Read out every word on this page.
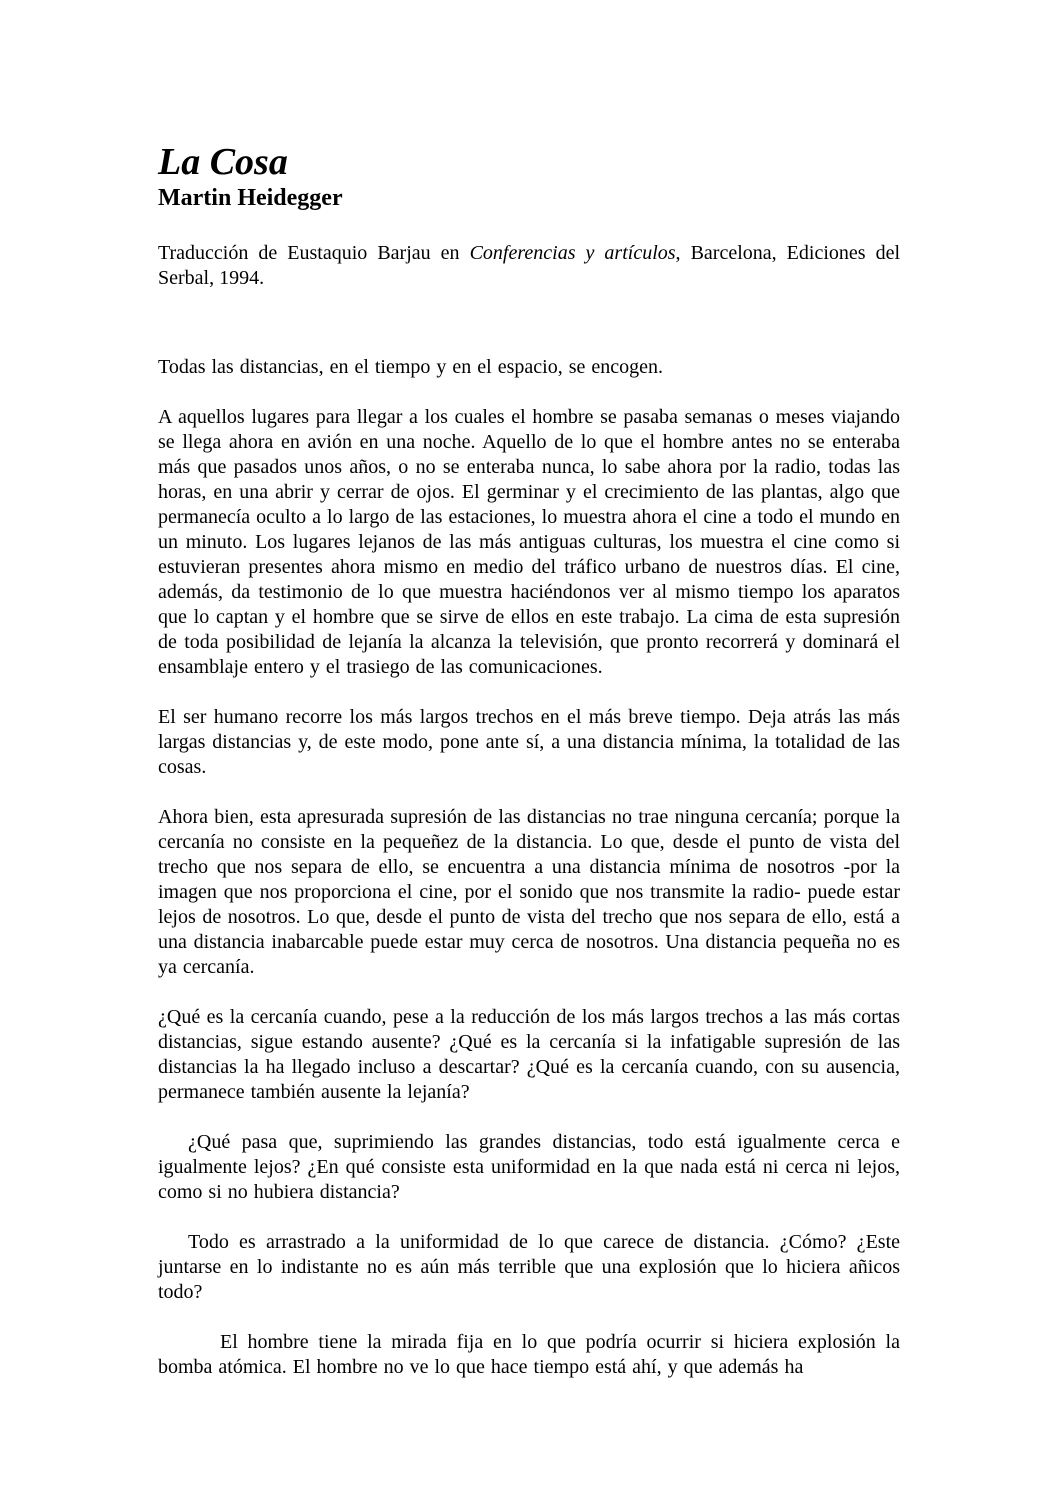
La Cosa
Martin Heidegger

Traducción de Eustaquio Barjau en Conferencias y artículos, Barcelona, Ediciones del Serbal, 1994.

Todas las distancias, en el tiempo y en el espacio, se encogen.

A aquellos lugares para llegar a los cuales el hombre se pasaba semanas o meses viajando se llega ahora en avión en una noche. Aquello de lo que el hombre antes no se enteraba más que pasados unos años, o no se enteraba nunca, lo sabe ahora por la radio, todas las horas, en una abrir y cerrar de ojos. El germinar y el crecimiento de las plantas, algo que permanecía oculto a lo largo de las estaciones, lo muestra ahora el cine a todo el mundo en un minuto. Los lugares lejanos de las más antiguas culturas, los muestra el cine como si estuvieran presentes ahora mismo en medio del tráfico urbano de nuestros días. El cine, además, da testimonio de lo que muestra haciéndonos ver al mismo tiempo los aparatos que lo captan y el hombre que se sirve de ellos en este trabajo. La cima de esta supresión de toda posibilidad de lejanía la alcanza la televisión, que pronto recorrerá y dominará el ensamblaje entero y el trasiego de las comunicaciones.

El ser humano recorre los más largos trechos en el más breve tiempo. Deja atrás las más largas distancias y, de este modo, pone ante sí, a una distancia mínima, la totalidad de las cosas.

Ahora bien, esta apresurada supresión de las distancias no trae ninguna cercanía; porque la cercanía no consiste en la pequeñez de la distancia. Lo que, desde el punto de vista del trecho que nos separa de ello, se encuentra a una distancia mínima de nosotros -por la imagen que nos proporciona el cine, por el sonido que nos transmite la radio- puede estar lejos de nosotros. Lo que, desde el punto de vista del trecho que nos separa de ello, está a una distancia inabarcable puede estar muy cerca de nosotros. Una distancia pequeña no es ya cercanía.

¿Qué es la cercanía cuando, pese a la reducción de los más largos trechos a las más cortas distancias, sigue estando ausente? ¿Qué es la cercanía si la infatigable supresión de las distancias la ha llegado incluso a descartar? ¿Qué es la cercanía cuando, con su ausencia, permanece también ausente la lejanía?

¿Qué pasa que, suprimiendo las grandes distancias, todo está igualmente cerca e igualmente lejos? ¿En qué consiste esta uniformidad en la que nada está ni cerca ni lejos, como si no hubiera distancia?

Todo es arrastrado a la uniformidad de lo que carece de distancia. ¿Cómo? ¿Este juntarse en lo indistante no es aún más terrible que una explosión que lo hiciera añicos todo?

El hombre tiene la mirada fija en lo que podría ocurrir si hiciera explosión la bomba atómica. El hombre no ve lo que hace tiempo está ahí, y que además ha
